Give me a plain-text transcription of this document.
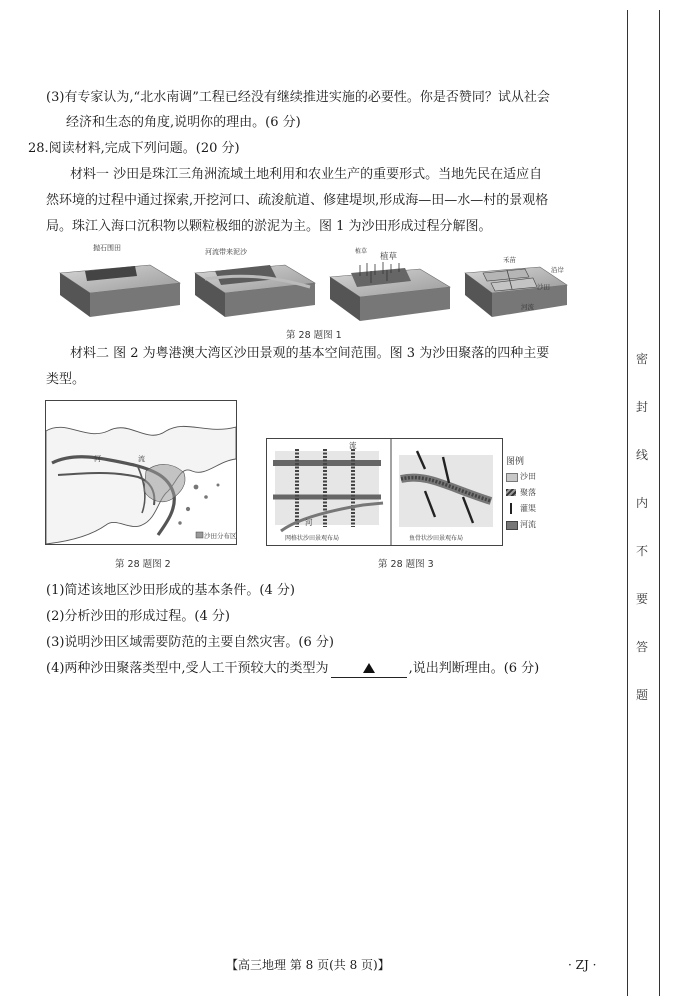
密
封
线
内
不
要
答
题
(3)有专家认为,“北水南调”工程已经没有继续推进实施的必要性。你是否赞同？试从社会
经济和生态的角度,说明你的理由。(6 分)
28.阅读材料,完成下列问题。(20 分)
材料一 沙田是珠江三角洲流域土地利用和农业生产的重要形式。当地先民在适应自
然环境的过程中通过探索,开挖河口、疏浚航道、修建堤坝,形成海—田—水—村的景观格
局。珠江入海口沉积物以颗粒极细的淤泥为主。图 1 为沙田形成过程分解图。
抛石围田	河流带来泥沙	植草
植草	禾苗
沿岸
沙田
河流
第 28 题图 1
材料二 图 2 为粤港澳大湾区沙田景观的基本空间范围。图 3 为沙田聚落的四种主要
类型。
河	流
沙田分布区
第 28 题图 2
流
河
网格状沙田景观布局	鱼骨状沙田景观布局
图例
沙田
聚落
灌渠
河流
第 28 题图 3
(1)简述该地区沙田形成的基本条件。(4 分)
(2)分析沙田的形成过程。(4 分)
(3)说明沙田区域需要防范的主要自然灾害。(6 分)
(4)两种沙田聚落类型中,受人工干预较大的类型为	,说出判断理由。(6 分)
【高三地理 第 8 页(共 8 页)】	· ZJ ·
